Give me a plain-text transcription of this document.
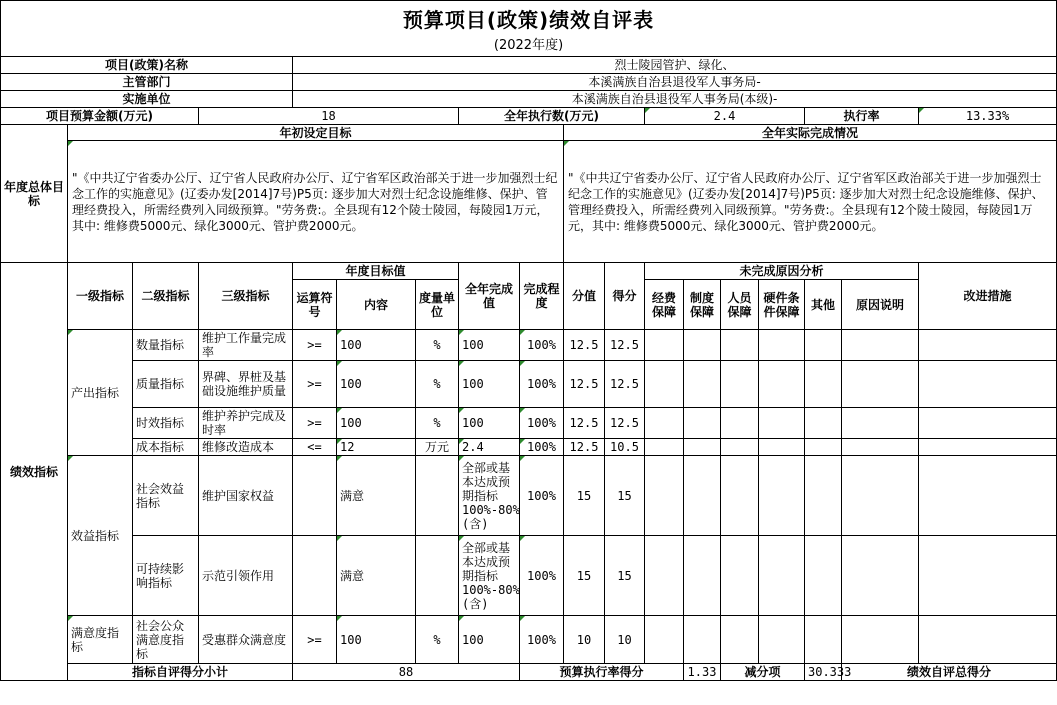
预算项目(政策)绩效自评表																		
(2022年度)																		
项目(政策)名称				烈士陵园管护、绿化、														
主管部门				本溪满族自治县退役军人事务局-														
实施单位				本溪满族自治县退役军人事务局(本级)-														
项目预算金额(万元)			18				全年执行数(万元)				2.4				执行率		13.33%	
年度总体目标	年初设定目标								全年实际完成情况									
	"《中共辽宁省委办公厅、辽宁省人民政府办公厅、辽宁省军区政治部关于进一步加强烈士纪念工作的实施意见》(辽委办发[2014]7号)P5页: 逐步加大对烈士纪念设施维修、保护、管理经费投入，所需经费列入同级预算。"劳务费:。全县现有12个陵士陵园，每陵园1万元，其中: 维修费5000元、绿化3000元、管护费2000元。								"《中共辽宁省委办公厅、辽宁省人民政府办公厅、辽宁省军区政治部关于进一步加强烈士纪念工作的实施意见》(辽委办发[2014]7号)P5页: 逐步加大对烈士纪念设施维修、保护、管理经费投入，所需经费列入同级预算。"劳务费:。全县现有12个陵士陵园，每陵园1万元，其中: 维修费5000元、绿化3000元、管护费2000元。									
绩效指标	一级指标	二级指标	三级指标	年度目标值			全年完成值	完成程度	分值	得分	未完成原因分析						改进措施	
				运算符号	内容	度量单位					经费保障	制度保障	人员保障	硬件条件保障	其他	原因说明		
	产出指标	数量指标	维护工作量完成率	>=	100	%	100	100%	12.5	12.5								
		质量指标	界碑、界桩及基础设施维护质量	>=	100	%	100	100%	12.5	12.5								
		时效指标	维护养护完成及时率	>=	100	%	100	100%	12.5	12.5								
		成本指标	维修改造成本	<=	12	万元	2.4	100%	12.5	10.5								
	效益指标	社会效益指标	维护国家权益		满意		全部或基本达成预期指标100%-80%(含)	100%	15	15								
		可持续影响指标	示范引领作用		满意		全部或基本达成预期指标100%-80%(含)	100%	15	15								
	满意度指标	社会公众满意度指标	受惠群众满意度	>=	100	%	100	100%	10	10								
	指标自评得分小计			88				预算执行率得分				1.33	减分项		30.333	绩效自评总得分	
